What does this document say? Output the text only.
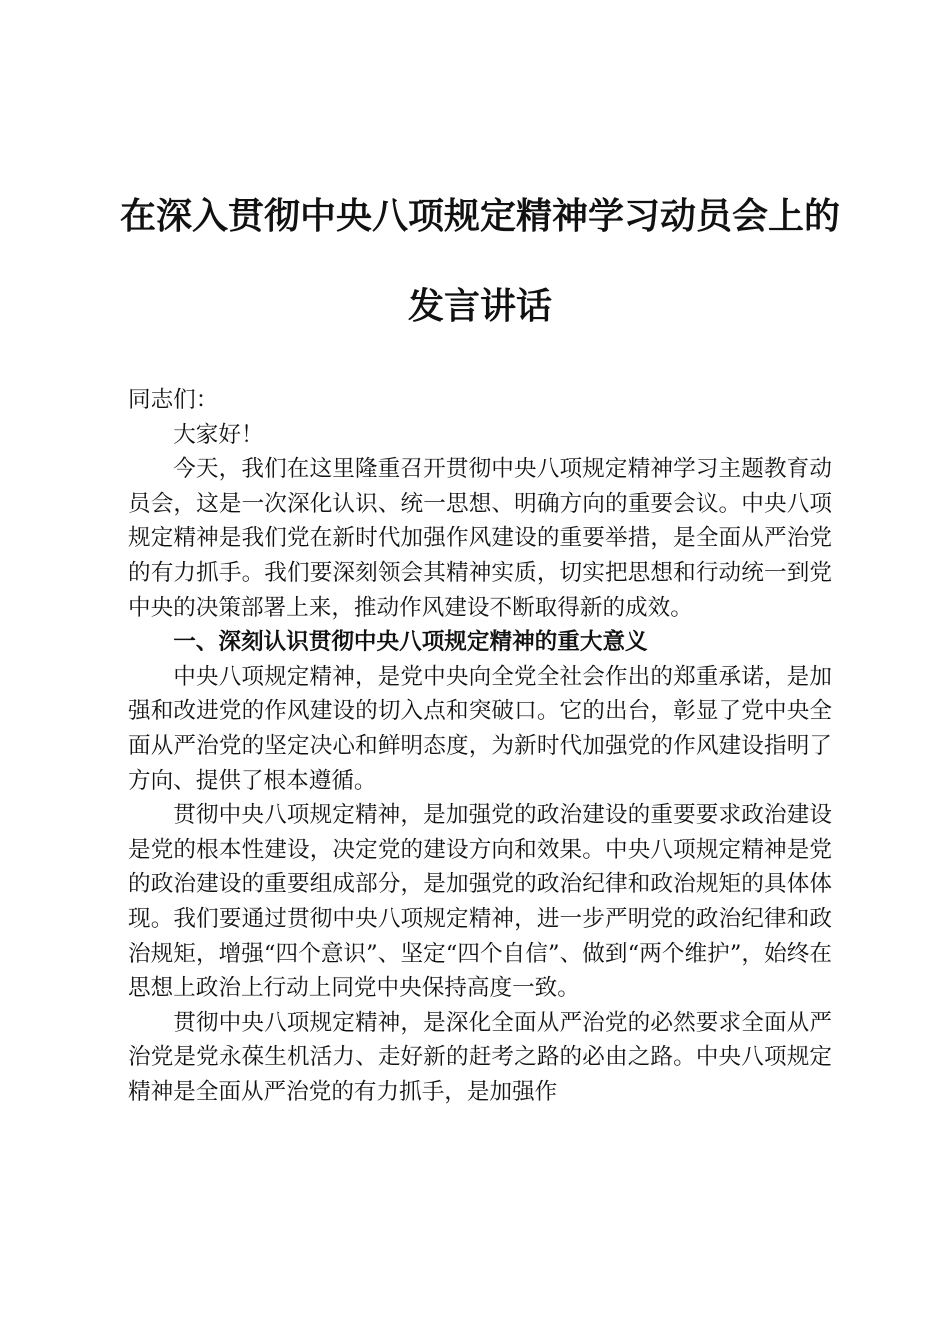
在深入贯彻中央八项规定精神学习动员会上的
发言讲话

同志们：

大家好！

今天，我们在这里隆重召开贯彻中央八项规定精神学习主题教育动员会，这是一次深化认识、统一思想、明确方向的重要会议。中央八项规定精神是我们党在新时代加强作风建设的重要举措，是全面从严治党的有力抓手。我们要深刻领会其精神实质，切实把思想和行动统一到党中央的决策部署上来，推动作风建设不断取得新的成效。

一、深刻认识贯彻中央八项规定精神的重大意义

中央八项规定精神，是党中央向全党全社会作出的郑重承诺，是加强和改进党的作风建设的切入点和突破口。它的出台，彰显了党中央全面从严治党的坚定决心和鲜明态度，为新时代加强党的作风建设指明了方向、提供了根本遵循。

贯彻中央八项规定精神，是加强党的政治建设的重要要求政治建设是党的根本性建设，决定党的建设方向和效果。中央八项规定精神是党的政治建设的重要组成部分，是加强党的政治纪律和政治规矩的具体体现。我们要通过贯彻中央八项规定精神，进一步严明党的政治纪律和政治规矩，增强“四个意识”、坚定“四个自信”、做到“两个维护”，始终在思想上政治上行动上同党中央保持高度一致。

贯彻中央八项规定精神，是深化全面从严治党的必然要求全面从严治党是党永葆生机活力、走好新的赶考之路的必由之路。中央八项规定精神是全面从严治党的有力抓手，是加强作
